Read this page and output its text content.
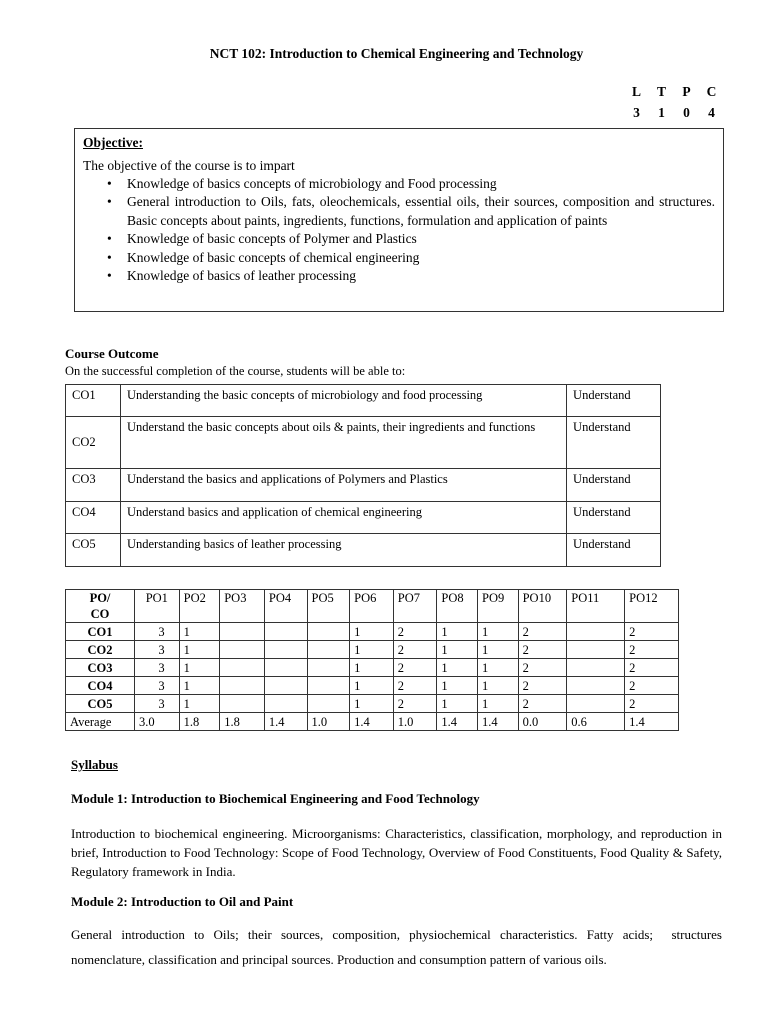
NCT 102: Introduction to Chemical Engineering and Technology
L	T	P	C
3	1	0	4
Objective:
The objective of the course is to impart
• Knowledge of basics concepts of microbiology and Food processing
• General introduction to Oils, fats, oleochemicals, essential oils, their sources, composition and structures. Basic concepts about paints, ingredients, functions, formulation and application of paints
• Knowledge of basic concepts of Polymer and Plastics
• Knowledge of basic concepts of chemical engineering
• Knowledge of basics of leather processing
Course Outcome
On the successful completion of the course, students will be able to:
CO1	Understanding the basic concepts of microbiology and food processing	Understand
CO2	Understand the basic concepts about oils & paints, their ingredients and functions	Understand
CO3	Understand the basics and applications of Polymers and Plastics	Understand
CO4	Understand basics and application of chemical engineering	Understand
CO5	Understanding basics of leather processing	Understand
PO/ CO	PO1	PO2	PO3	PO4	PO5	PO6	PO7	PO8	PO9	PO10	PO11	PO12
CO1	3	1				1	2	1	1	2		2
CO2	3	1				1	2	1	1	2		2
CO3	3	1				1	2	1	1	2		2
CO4	3	1				1	2	1	1	2		2
CO5	3	1				1	2	1	1	2		2
Average	3.0	1.8	1.8	1.4	1.0	1.4	1.0	1.4	1.4	0.0	0.6	1.4
Syllabus
Module 1: Introduction to Biochemical Engineering and Food Technology
Introduction to biochemical engineering. Microorganisms: Characteristics, classification, morphology, and reproduction in brief, Introduction to Food Technology: Scope of Food Technology, Overview of Food Constituents, Food Quality & Safety, Regulatory framework in India.
Module 2: Introduction to Oil and Paint
General introduction to Oils; their sources, composition, physiochemical characteristics. Fatty acids;  structures nomenclature, classification and principal sources. Production and consumption pattern of various oils.
